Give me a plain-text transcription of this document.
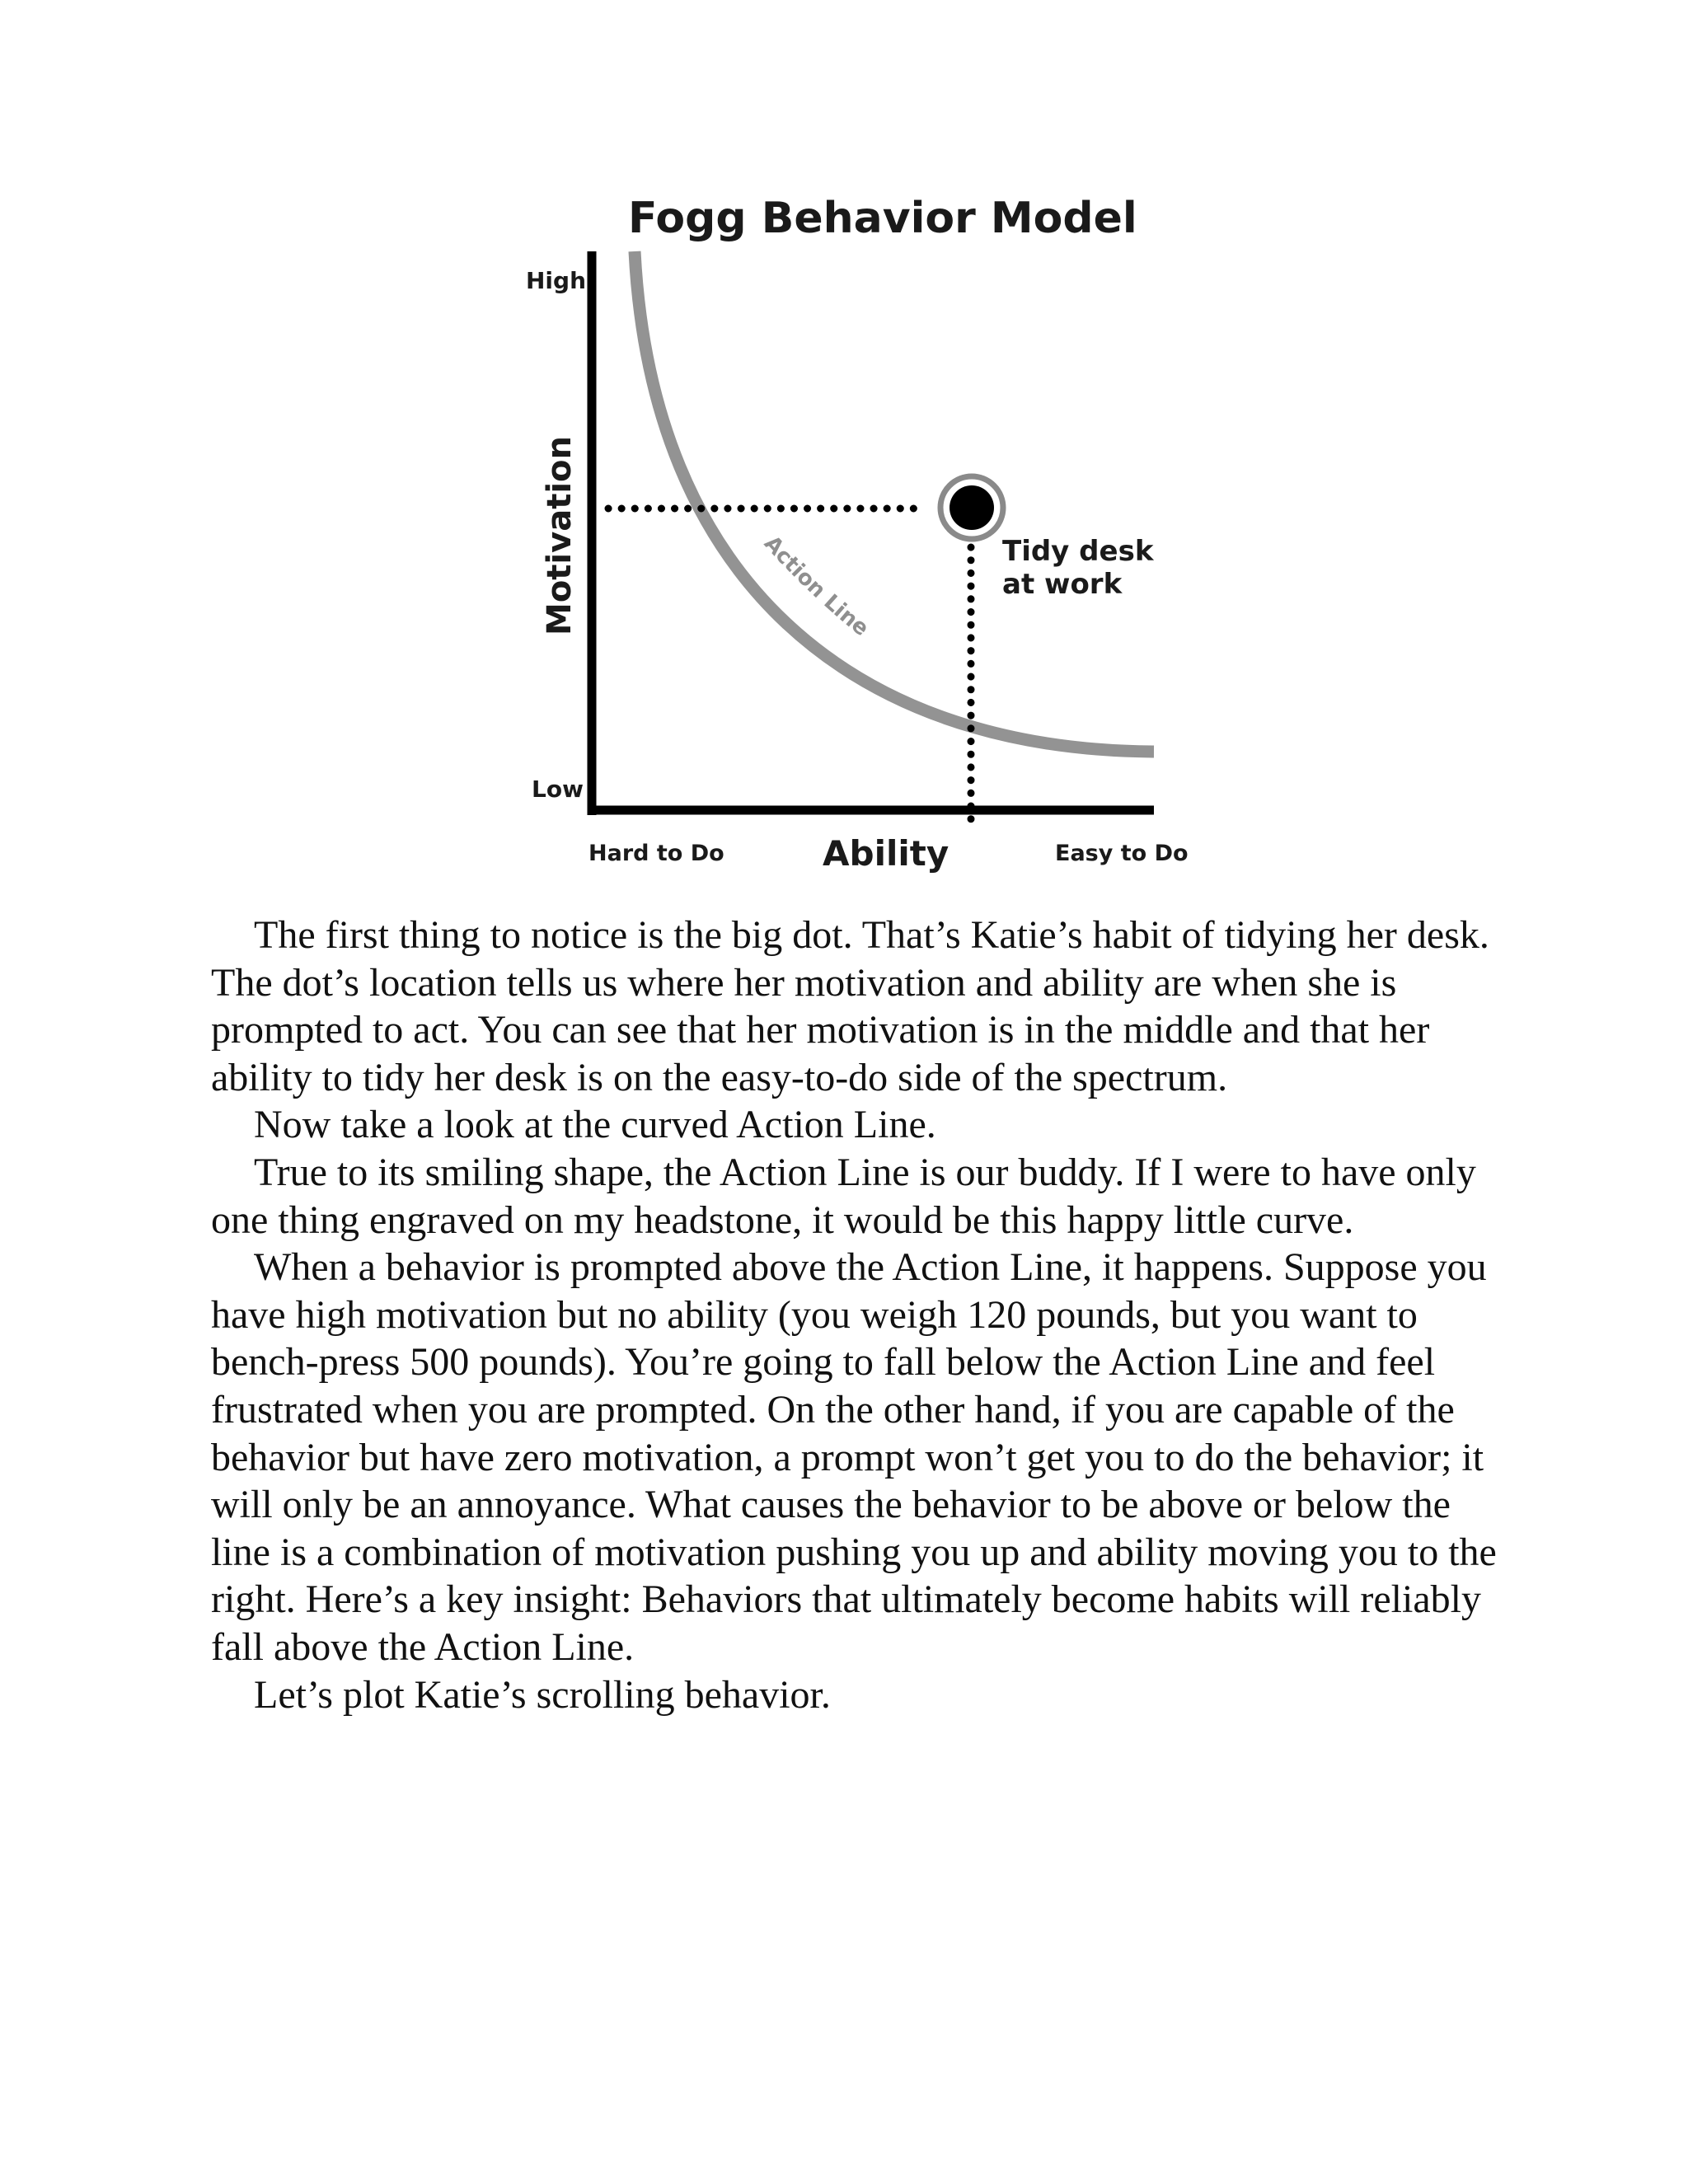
Fogg Behavior Model
High
Low
Motivation	Action Line
Tidy desk
at work
Hard to Do	Ability	Easy to Do

The first thing to notice is the big dot. That’s Katie’s habit of tidying her desk. The dot’s location tells us where her motivation and ability are when she is prompted to act. You can see that her motivation is in the middle and that her ability to tidy her desk is on the easy-to-do side of the spectrum.

Now take a look at the curved Action Line.

True to its smiling shape, the Action Line is our buddy. If I were to have only one thing engraved on my headstone, it would be this happy little curve.

When a behavior is prompted above the Action Line, it happens. Suppose you have high motivation but no ability (you weigh 120 pounds, but you want to bench-press 500 pounds). You’re going to fall below the Action Line and feel frustrated when you are prompted. On the other hand, if you are capable of the behavior but have zero motivation, a prompt won’t get you to do the behavior; it will only be an annoyance. What causes the behavior to be above or below the line is a combination of motivation pushing you up and ability moving you to the right. Here’s a key insight: Behaviors that ultimately become habits will reliably fall above the Action Line.

Let’s plot Katie’s scrolling behavior.
